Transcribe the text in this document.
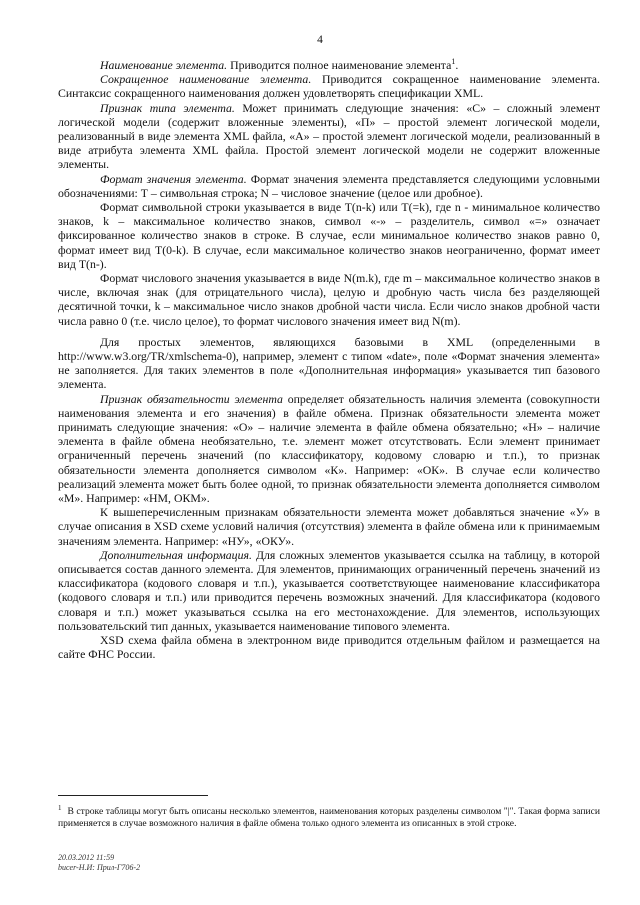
4

Наименование элемента. Приводится полное наименование элемента$^1$.

Сокращенное наименование элемента. Приводится сокращенное наименование элемента. Синтаксис сокращенного наименования должен удовлетворять спецификации XML.

Признак типа элемента. Может принимать следующие значения: «С» – сложный элемент логической модели (содержит вложенные элементы), «П» – простой элемент логической модели, реализованный в виде элемента XML файла, «А» – простой элемент логической модели, реализованный в виде атрибута элемента XML файла. Простой элемент логической модели не содержит вложенные элементы.

Формат значения элемента. Формат значения элемента представляется следующими условными обозначениями: Т – символьная строка; N – числовое значение (целое или дробное).

Формат символьной строки указывается в виде Т(n-k) или Т(=k), где n - минимальное количество знаков, k – максимальное количество знаков, символ «-» – разделитель, символ «=» означает фиксированное количество знаков в строке. В случае, если минимальное количество знаков равно 0, формат имеет вид Т(0-k). В случае, если максимальное количество знаков неограниченно, формат имеет вид Т(n-).

Формат числового значения указывается в виде N(m.k), где m – максимальное количество знаков в числе, включая знак (для отрицательного числа), целую и дробную часть числа без разделяющей десятичной точки, k – максимальное число знаков дробной части числа. Если число знаков дробной части числа равно 0 (т.е. число целое), то формат числового значения имеет вид N(m).

Для простых элементов, являющихся базовыми в XML (определенными в http://www.w3.org/TR/xmlschema-0), например, элемент с типом «date», поле «Формат значения элемента» не заполняется. Для таких элементов в поле «Дополнительная информация» указывается тип базового элемента.

Признак обязательности элемента определяет обязательность наличия элемента (совокупности наименования элемента и его значения) в файле обмена. Признак обязательности элемента может принимать следующие значения: «О» – наличие элемента в файле обмена обязательно; «Н» – наличие элемента в файле обмена необязательно, т.е. элемент может отсутствовать. Если элемент принимает ограниченный перечень значений (по классификатору, кодовому словарю и т.п.), то признак обязательности элемента дополняется символом «К». Например: «ОК». В случае если количество реализаций элемента может быть более одной, то признак обязательности элемента дополняется символом «М». Например: «НМ, ОКМ».

К вышеперечисленным признакам обязательности элемента может добавляться значение «У» в случае описания в XSD схеме условий наличия (отсутствия) элемента в файле обмена или к принимаемым значениям элемента. Например: «НУ», «ОКУ».

Дополнительная информация. Для сложных элементов указывается ссылка на таблицу, в которой описывается состав данного элемента. Для элементов, принимающих ограниченный перечень значений из классификатора (кодового словаря и т.п.), указывается соответствующее наименование классификатора (кодового словаря и т.п.) или приводится перечень возможных значений. Для классификатора (кодового словаря и т.п.) может указываться ссылка на его местонахождение. Для элементов, использующих пользовательский тип данных, указывается наименование типового элемента.

XSD схема файла обмена в электронном виде приводится отдельным файлом и размещается на сайте ФНС России.

$^1$ В строке таблицы могут быть описаны несколько элементов, наименования которых разделены символом "|". Такая форма записи применяется в случае возможного наличия в файле обмена только одного элемента из описанных в этой строке.
20.03.2012 11:59
bucer-Н.И: Прил-Г706-2
